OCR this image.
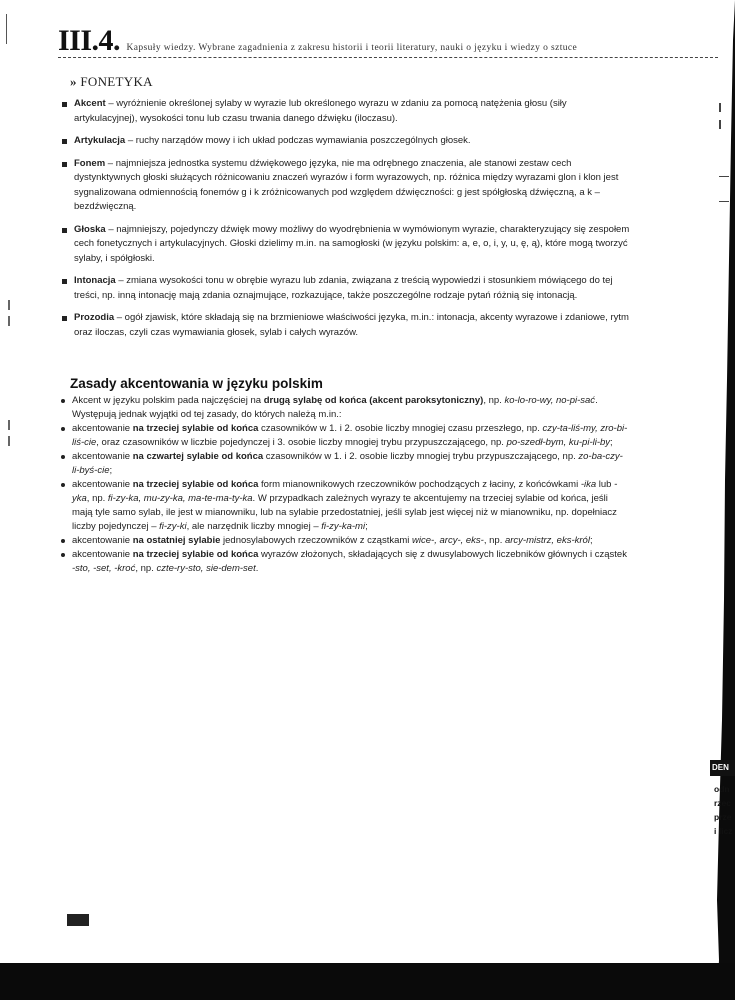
III.4 . Kapsuły wiedzy. Wybrane zagadnienia z zakresu historii i teorii literatury, nauki o języku i wiedzy o sztuce
» FONETYKA
Akcent – wyróżnienie określonej sylaby w wyrazie lub określonego wyrazu w zdaniu za pomocą natężenia głosu (siły artykulacyjnej), wysokości tonu lub czasu trwania danego dźwięku (iloczasu).
Artykulacja – ruchy narządów mowy i ich układ podczas wymawiania poszczególnych głosek.
Fonem – najmniejsza jednostka systemu dźwiękowego języka, nie ma odrębnego znaczenia, ale stanowi zestaw cech dystynktywnych głoski służących różnicowaniu znaczeń wyrazów i form wyrazowych, np. różnica między wyrazami glon i klon jest sygnalizowana odmiennością fonemów g i k zróżnicowanych pod względem dźwięczności: g jest spółgłoską dźwięczną, a k – bezdźwięczną.
Głoska – najmniejszy, pojedynczy dźwięk mowy możliwy do wyodrębnienia w wymówionym wyrazie, charakteryzujący się zespołem cech fonetycznych i artykulacyjnych. Głoski dzielimy m.in. na samogłoski (w języku polskim: a, e, o, i, y, u, ę, ą), które mogą tworzyć sylaby, i spółgłoski.
Intonacja – zmiana wysokości tonu w obrębie wyrazu lub zdania, związana z treścią wypowiedzi i stosunkiem mówiącego do tej treści, np. inną intonację mają zdania oznajmujące, rozkazujące, także poszczególne rodzaje pytań różnią się intonacją.
Prozodia – ogół zjawisk, które składają się na brzmieniowe właściwości języka, m.in.: intonacja, akcenty wyrazowe i zdaniowe, rytm oraz iloczas, czyli czas wymawiania głosek, sylab i całych wyrazów.
Zasady akcentowania w języku polskim
Akcent w języku polskim pada najczęściej na drugą sylabę od końca (akcent paroksytoniczny), np. ko-lo-ro-wy, no-pi-sać. Występują jednak wyjątki od tej zasady, do których należą m.in.:
akcentowanie na trzeciej sylabie od końca czasowników w 1. i 2. osobie liczby mnogiej czasu przeszłego, np. czy-ta-liś-my, zro-bi-liś-cie, oraz czasowników w liczbie pojedynczej i 3. osobie liczby mnogiej trybu przypuszczającego, np. po-szedł-bym, ku-pi-li-by;
akcentowanie na czwartej sylabie od końca czasowników w 1. i 2. osobie liczby mnogiej trybu przypuszczającego, np. zo-ba-czy-li-byś-cie;
akcentowanie na trzeciej sylabie od końca form mianownikowych rzeczowników pochodzących z łaciny, z końcówkami -ika lub -yka, np. fi-zy-ka, mu-zy-ka, ma-te-ma-ty-ka. W przypadkach zależnych wyrazy te akcentujemy na trzeciej sylabie od końca, jeśli mają tyle samo sylab, ile jest w mianowniku, lub na sylabie przedostatniej, jeśli sylab jest więcej niż w mianowniku, np. dopełniacz liczby pojedynczej – fi-zy-ki, ale narzędnik liczby mnogiej – fi-zy-ka-mi;
akcentowanie na ostatniej sylabie jednosylabowych rzeczowników z cząstkami wice-, arcy-, eks-, np. arcy-mistrz, eks-król;
akcentowanie na trzeciej sylabie od końca wyrazów złożonych, składających się z dwusylabowych liczebników głównych i cząstek -sto, -set, -kroć, np. czte-ry-sto, sie-dem-set.
DEN
odn
rzec
prze
i licz
